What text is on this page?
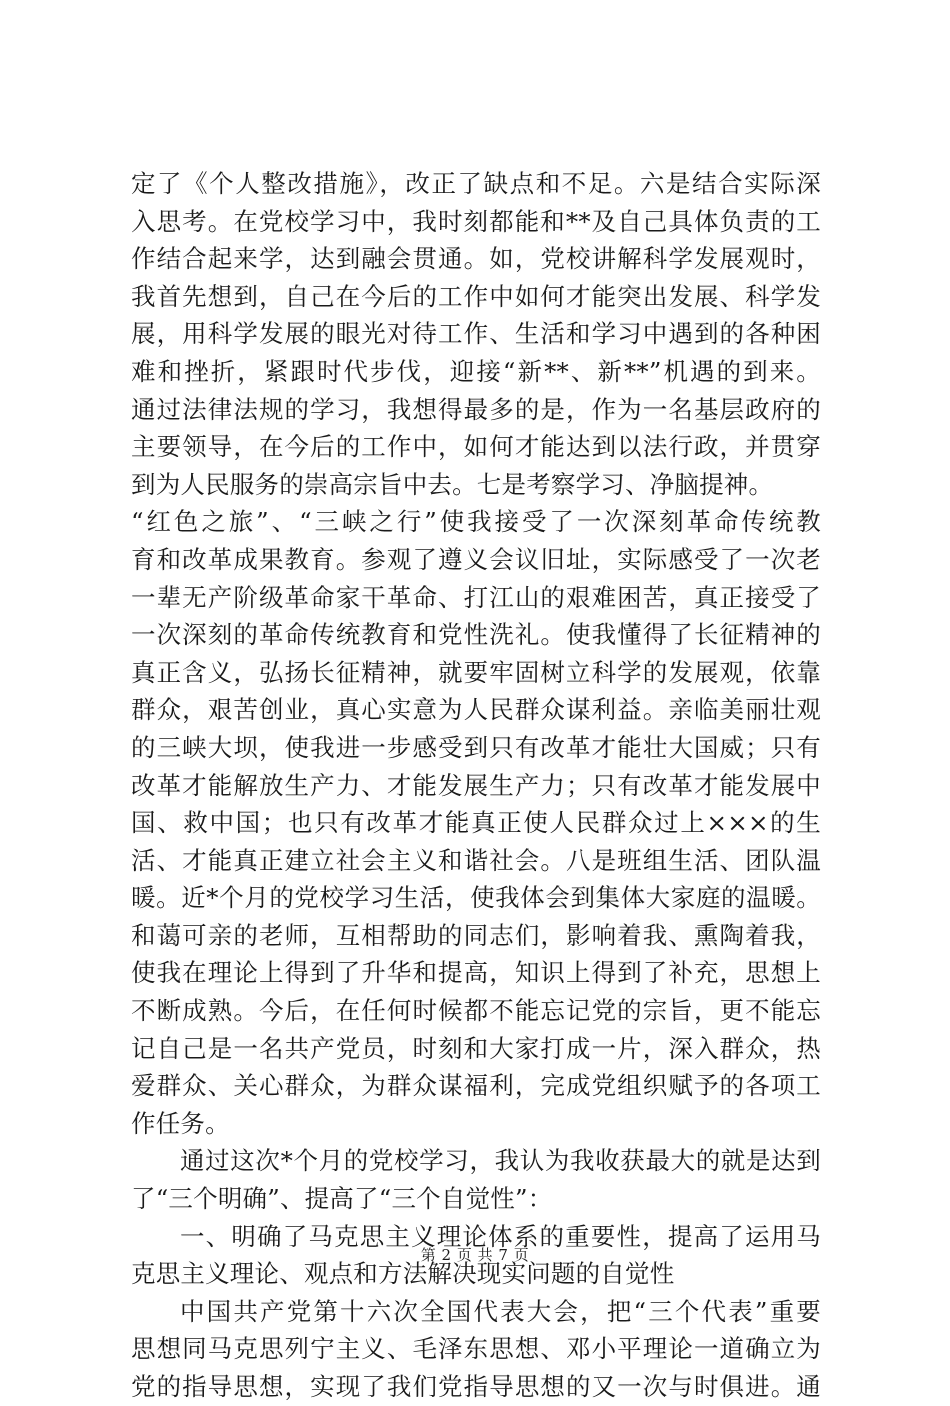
定了《个人整改措施》，改正了缺点和不足。六是结合实际深
入思考。在党校学习中，我时刻都能和**及自己具体负责的工
作结合起来学，达到融会贯通。如，党校讲解科学发展观时，
我首先想到，自己在今后的工作中如何才能突出发展、科学发
展，用科学发展的眼光对待工作、生活和学习中遇到的各种困
难和挫折，紧跟时代步伐，迎接“新**、新**”机遇的到来。
通过法律法规的学习，我想得最多的是，作为一名基层政府的
主要领导，在今后的工作中，如何才能达到以法行政，并贯穿
到为人民服务的崇高宗旨中去。七是考察学习、净脑提神。
“红色之旅”、“三峡之行”使我接受了一次深刻革命传统教
育和改革成果教育。参观了遵义会议旧址，实际感受了一次老
一辈无产阶级革命家干革命、打江山的艰难困苦，真正接受了
一次深刻的革命传统教育和党性洗礼。使我懂得了长征精神的
真正含义，弘扬长征精神，就要牢固树立科学的发展观，依靠
群众，艰苦创业，真心实意为人民群众谋利益。亲临美丽壮观
的三峡大坝，使我进一步感受到只有改革才能壮大国威；只有
改革才能解放生产力、才能发展生产力；只有改革才能发展中
国、救中国；也只有改革才能真正使人民群众过上×××的生
活、才能真正建立社会主义和谐社会。八是班组生活、团队温
暖。近*个月的党校学习生活，使我体会到集体大家庭的温暖。
和蔼可亲的老师，互相帮助的同志们，影响着我、熏陶着我，
使我在理论上得到了升华和提高，知识上得到了补充，思想上
不断成熟。今后，在任何时候都不能忘记党的宗旨，更不能忘
记自己是一名共产党员，时刻和大家打成一片，深入群众，热
爱群众、关心群众，为群众谋福利，完成党组织赋予的各项工
作任务。
通过这次*个月的党校学习，我认为我收获最大的就是达到
了“三个明确”、提高了“三个自觉性”：
一、明确了马克思主义理论体系的重要性，提高了运用马
克思主义理论、观点和方法解决现实问题的自觉性
中国共产党第十六次全国代表大会，把“三个代表”重要
思想同马克思列宁主义、毛泽东思想、邓小平理论一道确立为
党的指导思想，实现了我们党指导思想的又一次与时俱进。通
第 2 页 共 7 页
